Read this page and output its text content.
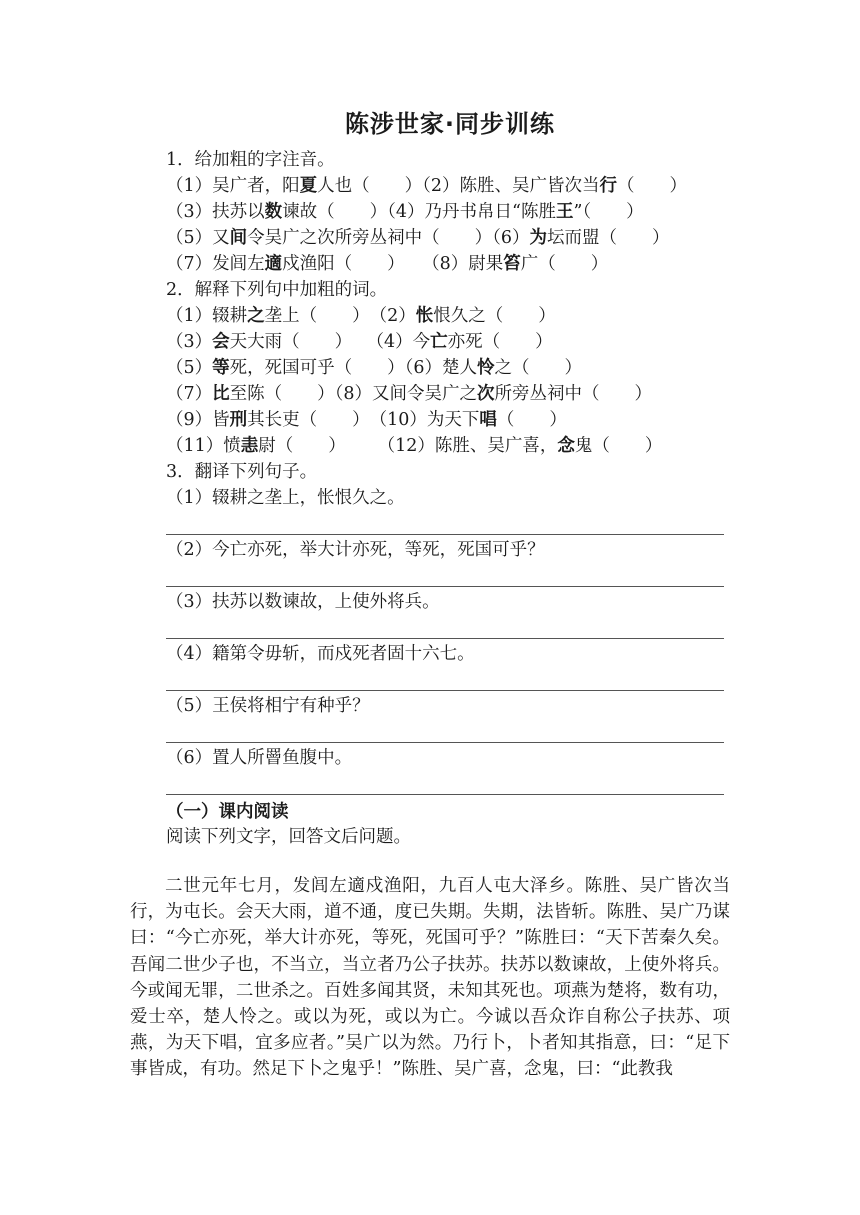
陈涉世家·同步训练
1．给加粗的字注音。
（1）吴广者，阳夏人也（　　）（2）陈胜、吴广皆次当行（　　）
（3）扶苏以数谏故（　　）（4）乃丹书帛日“陈胜王”（　　）
（5）又间令吴广之次所旁丛祠中（　　）（6）为坛而盟（　　）
（7）发闾左適戍渔阳（　　）　　（8）尉果笞广（　　）
2．解释下列句中加粗的词。
（1）辍耕之垄上（　　）　（2）怅恨久之（　　）
（3）会天大雨（　　）　 （4）今亡亦死（　　）
（5）等死，死国可乎（　　）（6）楚人怜之（　　）
（7）比至陈（　　）（8）又间令吴广之次所旁丛祠中（　　）
（9）皆刑其长吏（　　）　（10）为天下唱（　　）
（11）愤恚尉（　　）　　 （12）陈胜、吴广喜，念鬼（　　）
3．翻译下列句子。
（1）辍耕之垄上，怅恨久之。
（2）今亡亦死，举大计亦死，等死，死国可乎？
（3）扶苏以数谏故，上使外将兵。
（4）籍第令毋斩，而戍死者固十六七。
（5）王侯将相宁有种乎？
（6）置人所罾鱼腹中。
（一）课内阅读
阅读下列文字，回答文后问题。
二世元年七月，发闾左適戍渔阳，九百人屯大泽乡。陈胜、吴广皆次当行，为屯长。会天大雨，道不通，度已失期。失期，法皆斩。陈胜、吴广乃谋曰：“今亡亦死，举大计亦死，等死，死国可乎？”陈胜曰：“天下苦秦久矣。吾闻二世少子也，不当立，当立者乃公子扶苏。扶苏以数谏故，上使外将兵。今或闻无罪，二世杀之。百姓多闻其贤，未知其死也。项燕为楚将，数有功，爱士卒，楚人怜之。或以为死，或以为亡。今诚以吾众诈自称公子扶苏、项燕，为天下唱，宜多应者。”吴广以为然。乃行卜，卜者知其指意，曰：“足下事皆成，有功。然足下卜之鬼乎！”陈胜、吴广喜，念鬼，曰：“此教我
